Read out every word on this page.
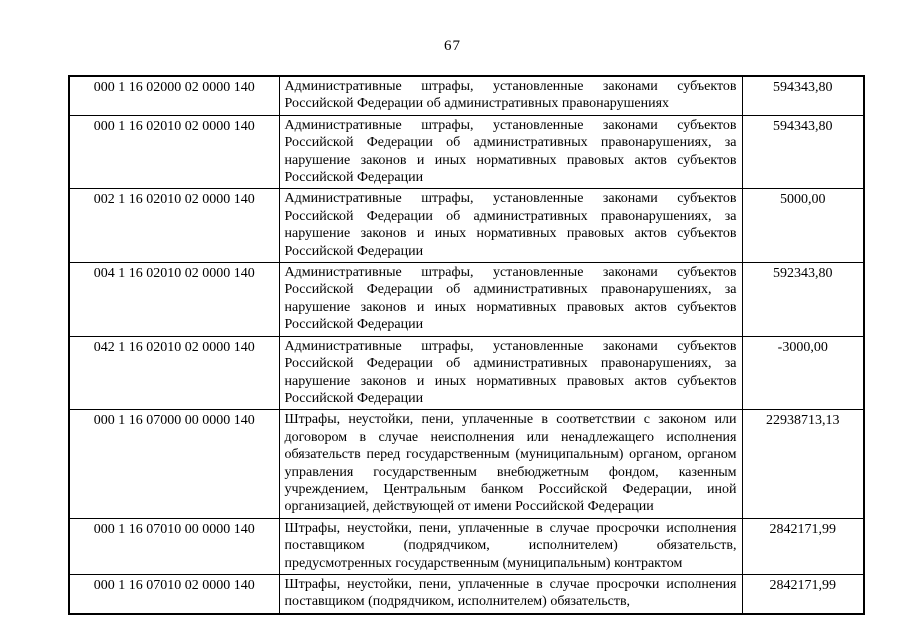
67
000 1 16 02000 02 0000 140	Административные штрафы, установленные законами субъектов Российской Федерации об административных правонарушениях	594343,80
000 1 16 02010 02 0000 140	Административные штрафы, установленные законами субъектов Российской Федерации об административных правонарушениях, за нарушение законов и иных нормативных правовых актов субъектов Российской Федерации	594343,80
002 1 16 02010 02 0000 140	Административные штрафы, установленные законами субъектов Российской Федерации об административных правонарушениях, за нарушение законов и иных нормативных правовых актов субъектов Российской Федерации	5000,00
004 1 16 02010 02 0000 140	Административные штрафы, установленные законами субъектов Российской Федерации об административных правонарушениях, за нарушение законов и иных нормативных правовых актов субъектов Российской Федерации	592343,80
042 1 16 02010 02 0000 140	Административные штрафы, установленные законами субъектов Российской Федерации об административных правонарушениях, за нарушение законов и иных нормативных правовых актов субъектов Российской Федерации	-3000,00
000 1 16 07000 00 0000 140	Штрафы, неустойки, пени, уплаченные в соответствии с законом или договором в случае неисполнения или ненадлежащего исполнения обязательств перед государственным (муниципальным) органом, органом управления государственным внебюджетным фондом, казенным учреждением, Центральным банком Российской Федерации, иной организацией, действующей от имени Российской Федерации	22938713,13
000 1 16 07010 00 0000 140	Штрафы, неустойки, пени, уплаченные в случае просрочки исполнения поставщиком (подрядчиком, исполнителем) обязательств, предусмотренных государственным (муниципальным) контрактом	2842171,99
000 1 16 07010 02 0000 140	Штрафы, неустойки, пени, уплаченные в случае просрочки исполнения поставщиком (подрядчиком, исполнителем) обязательств,	2842171,99
